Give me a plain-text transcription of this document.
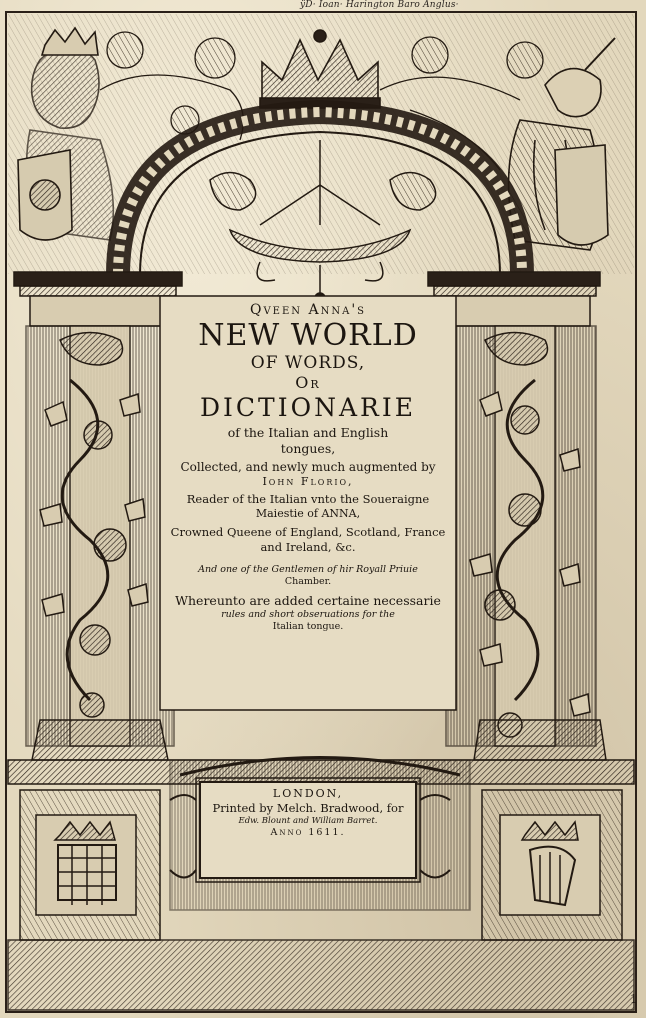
ÿD· Ioan· Harington Baro Anglus·
Qveen Anna's
NEW WORLD
OF WORDS,
Or
DICTIONARIE
of the Italian and English
tongues,
Collected, and newly much augmented by
Iohn Florio,
Reader of the Italian vnto the Soueraigne
Maiestie of ANNA,
Crowned Queene of England, Scotland, France
and Ireland, &c.
And one of the Gentlemen of hir Royall Priuie
Chamber.
Whereunto are added certaine necessarie
rules and short obseruations for the
Italian tongue.
LONDON,
Printed by Melch. Bradwood, for
Edw. Blount and William Barret.
Anno 1611.
1
